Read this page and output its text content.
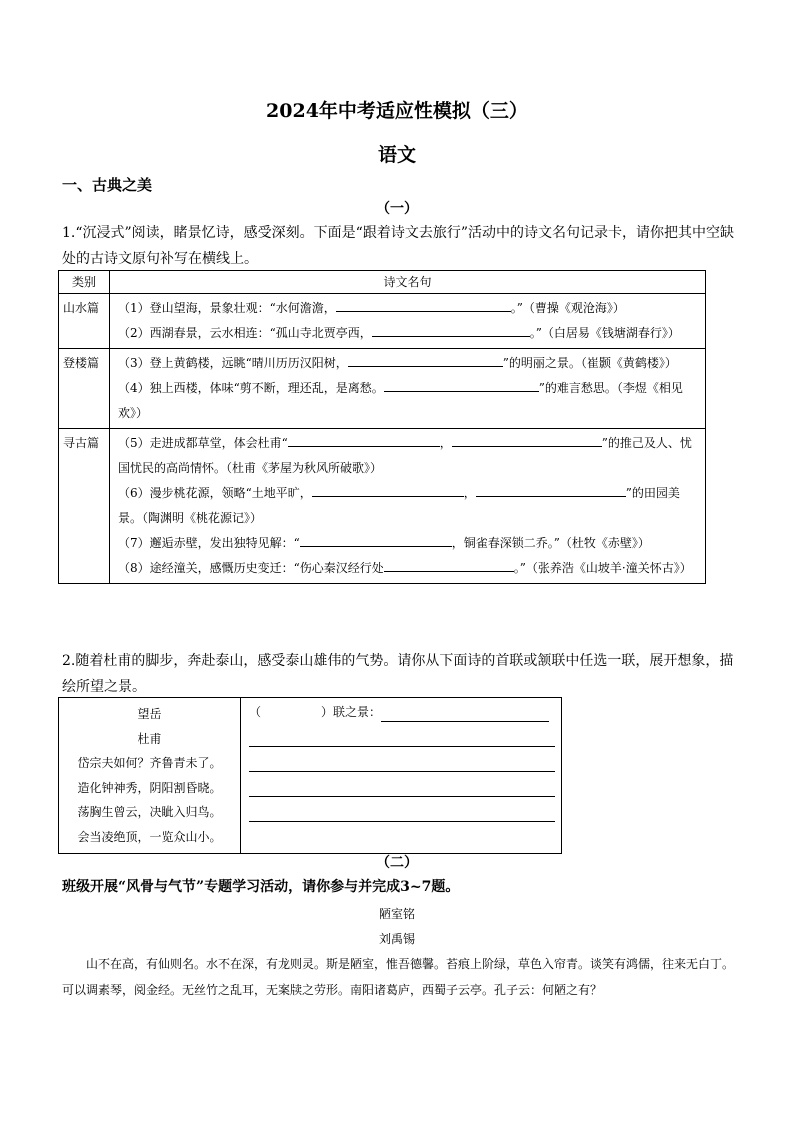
2024年中考适应性模拟（三）
语文
一、古典之美
（一）
1.“沉浸式”阅读，睹景忆诗，感受深刻。下面是“跟着诗文去旅行”活动中的诗文名句记录卡，请你把其中空缺处的古诗文原句补写在横线上。
类别	诗文名句
山水篇	（1）登山望海，景象壮观：“水何澹澹， 。”（曹操《观沧海》）

（2）西湖春景，云水相连：“孤山寺北贾亭西， 。”（白居易《钱塘湖春行》）

登楼篇	（3）登上黄鹤楼，远眺“晴川历历汉阳树， ”的明丽之景。（崔颢《黄鹤楼》）

（4）独上西楼，体味“剪不断，理还乱，是离愁。 ”的难言愁思。（李煜《相见欢》）

寻古篇	（5）走进成都草堂，体会杜甫“ ， ”的推己及人、忧国忧民的高尚情怀。（杜甫《茅屋为秋风所破歌》）

（6）漫步桃花源，领略“土地平旷， ， ”的田园美景。（陶渊明《桃花源记》）

（7）邂逅赤壁，发出独特见解：“ ，铜雀春深锁二乔。”（杜牧《赤壁》）

（8）途经潼关，感慨历史变迁：“伤心秦汉经行处 。”（张养浩《山坡羊·潼关怀古》）

2.随着杜甫的脚步，奔赴泰山，感受泰山雄伟的气势。请你从下面诗的首联或颔联中任选一联，展开想象，描绘所望之景。
望岳
杜甫
岱宗夫如何？齐鲁青未了。
造化钟神秀，阴阳割昏晓。
荡胸生曾云，决眦入归鸟。
会当凌绝顶，一览众山小。

（	）联之景：
（二）
班级开展“风骨与气节”专题学习活动，请你参与并完成3~7题。
陋室铭
刘禹锡
山不在高，有仙则名。水不在深，有龙则灵。斯是陋室，惟吾德馨。苔痕上阶绿，草色入帘青。谈笑有鸿儒，往来无白丁。可以调素琴，阅金经。无丝竹之乱耳，无案牍之劳形。南阳诸葛庐，西蜀子云亭。孔子云：何陋之有？
